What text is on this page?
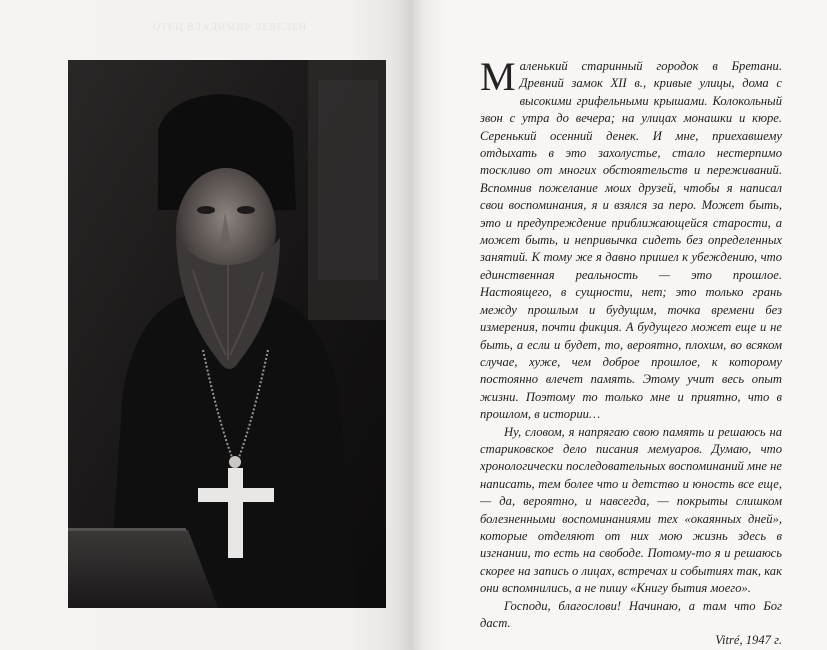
ОТЕЦ ВЛАДИМИР ЛЕВЕЛЕН

Маленький старинный городок в Бретани. Древний замок XII в., кривые улицы, дома с высокими грифельными крышами. Колокольный звон с утра до вечера; на улицах монашки и кюре. Серенький осенний денек. И мне, приехавшему отдыхать в это захолустье, стало нестерпимо тоскливо от многих обстоятельств и переживаний. Вспомнив пожелание моих друзей, чтобы я написал свои воспоминания, я и взялся за перо. Может быть, это и предупреждение приближающейся старости, а может быть, и непривычка сидеть без определенных занятий. К тому же я давно пришел к убеждению, что единственная реальность — это прошлое. Настоящего, в сущности, нет; это только грань между прошлым и будущим, точка времени без измерения, почти фикция. А будущего может еще и не быть, а если и будет, то, вероятно, плохим, во всяком случае, хуже, чем доброе прошлое, к которому постоянно влечет память. Этому учит весь опыт жизни. Поэтому то только мне и приятно, что в прошлом, в истории…

Ну, словом, я напрягаю свою память и решаюсь на стариковское дело писания мемуаров. Думаю, что хронологически последовательных воспоминаний мне не написать, тем более что и детство и юность все еще, — да, вероятно, и навсегда, — покрыты слишком болезненными воспоминаниями тех «окаянных дней», которые отделяют от них мою жизнь здесь в изгнании, то есть на свободе. Потому-то я и решаюсь скорее на запись о лицах, встречах и событиях так, как они вспомнились, а не пишу «Книгу бытия моего».

Господи, благослови! Начинаю, а там что Бог даст.

Vitré, 1947 г.
